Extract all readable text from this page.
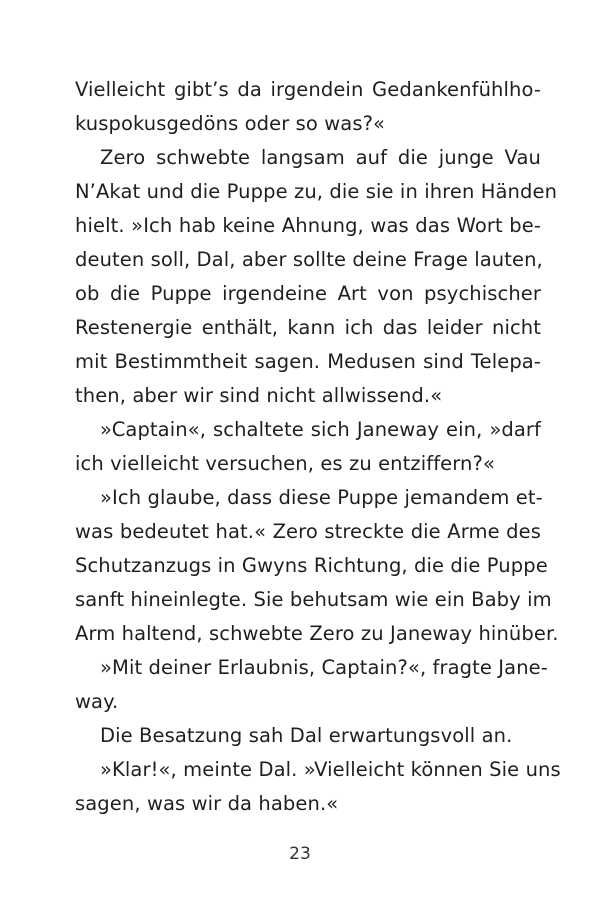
Vielleicht gibt’s da irgendein Gedankenfühlho-
kuspokusgedöns oder so was?«
Zero schwebte langsam auf die junge Vau
N’Akat und die Puppe zu, die sie in ihren Händen
hielt. »Ich hab keine Ahnung, was das Wort be-
deuten soll, Dal, aber sollte deine Frage lauten,
ob die Puppe irgendeine Art von psychischer
Restenergie enthält, kann ich das leider nicht
mit Bestimmtheit sagen. Medusen sind Telepa-
then, aber wir sind nicht allwissend.«
»Captain«, schaltete sich Janeway ein, »darf
ich vielleicht versuchen, es zu entziffern?«
»Ich glaube, dass diese Puppe jemandem et-
was bedeutet hat.« Zero streckte die Arme des
Schutzanzugs in Gwyns Richtung, die die Puppe
sanft hineinlegte. Sie behutsam wie ein Baby im
Arm haltend, schwebte Zero zu Janeway hinüber.
»Mit deiner Erlaubnis, Captain?«, fragte Jane-
way.
Die Besatzung sah Dal erwartungsvoll an.
»Klar!«, meinte Dal. »Vielleicht können Sie uns
sagen, was wir da haben.«
23
